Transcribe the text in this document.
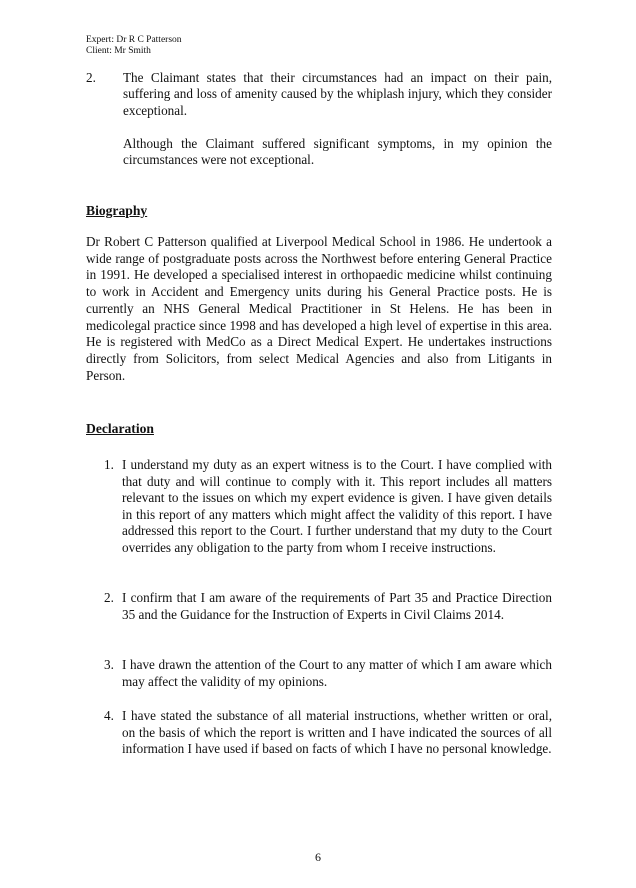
Expert: Dr R C Patterson
Client: Mr Smith
2. The Claimant states that their circumstances had an impact on their pain, suffering and loss of amenity caused by the whiplash injury, which they consider exceptional.
Although the Claimant suffered significant symptoms, in my opinion the circumstances were not exceptional.
Biography
Dr Robert C Patterson qualified at Liverpool Medical School in 1986. He undertook a wide range of postgraduate posts across the Northwest before entering General Practice in 1991. He developed a specialised interest in orthopaedic medicine whilst continuing to work in Accident and Emergency units during his General Practice posts. He is currently an NHS General Medical Practitioner in St Helens. He has been in medicolegal practice since 1998 and has developed a high level of expertise in this area. He is registered with MedCo as a Direct Medical Expert. He undertakes instructions directly from Solicitors, from select Medical Agencies and also from Litigants in Person.
Declaration
1. I understand my duty as an expert witness is to the Court. I have complied with that duty and will continue to comply with it. This report includes all matters relevant to the issues on which my expert evidence is given. I have given details in this report of any matters which might affect the validity of this report. I have addressed this report to the Court. I further understand that my duty to the Court overrides any obligation to the party from whom I receive instructions.
2. I confirm that I am aware of the requirements of Part 35 and Practice Direction 35 and the Guidance for the Instruction of Experts in Civil Claims 2014.
3. I have drawn the attention of the Court to any matter of which I am aware which may affect the validity of my opinions.
4. I have stated the substance of all material instructions, whether written or oral, on the basis of which the report is written and I have indicated the sources of all information I have used if based on facts of which I have no personal knowledge.
6
